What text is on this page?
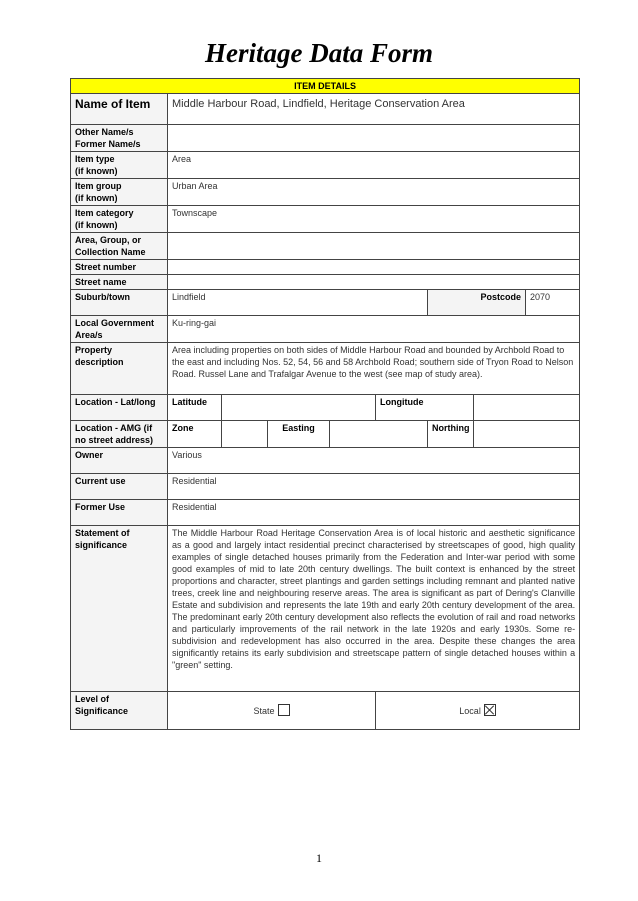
Heritage Data Form
ITEM DETAILS								
Name of Item	Middle Harbour Road, Lindfield, Heritage Conservation Area							
Other Name/s
Former Name/s								
Item type
(if known)	Area							
Item group
(if known)	Urban Area							
Item category
(if known)	Townscape							
Area, Group, or
Collection Name								
Street number								
Street name								
Suburb/town	Lindfield					Postcode		2070
Local Government
Area/s	Ku-ring-gai							
Property
description	Area including properties on both sides of Middle Harbour Road and bounded by Archbold Road to the east and including Nos. 52, 54, 56 and 58 Archbold Road; southern side of Tryon Road to Nelson Road. Russel Lane and Trafalgar Avenue to the west (see map of study area).							
Location - Lat/long	Latitude				Longitude			
Location - AMG (if
no street address)	Zone		Easting			Northing		
Owner	Various							
Current use	Residential							
Former Use	Residential							
Statement of
significance	The Middle Harbour Road Heritage Conservation Area is of local historic and aesthetic significance as a good and largely intact residential precinct characterised by streetscapes of good, high quality examples of single detached houses primarily from the Federation and Inter-war period with some good examples of mid to late 20th century dwellings. The built context is enhanced by the street proportions and character, street plantings and garden settings including remnant and planted native trees, creek line and neighbouring reserve areas. The area is significant as part of Dering's Clanville Estate and subdivision and represents the late 19th and early 20th century development of the area. The predominant early 20th century development also reflects the evolution of rail and road networks and particularly improvements of the rail network in the late 1920s and early 1930s. Some re-subdivision and redevelopment has also occurred in the area. Despite these changes the area significantly retains its early subdivision and streetscape pattern of single detached houses within a "green" setting.							
Level of
Significance	State				Local			
1
